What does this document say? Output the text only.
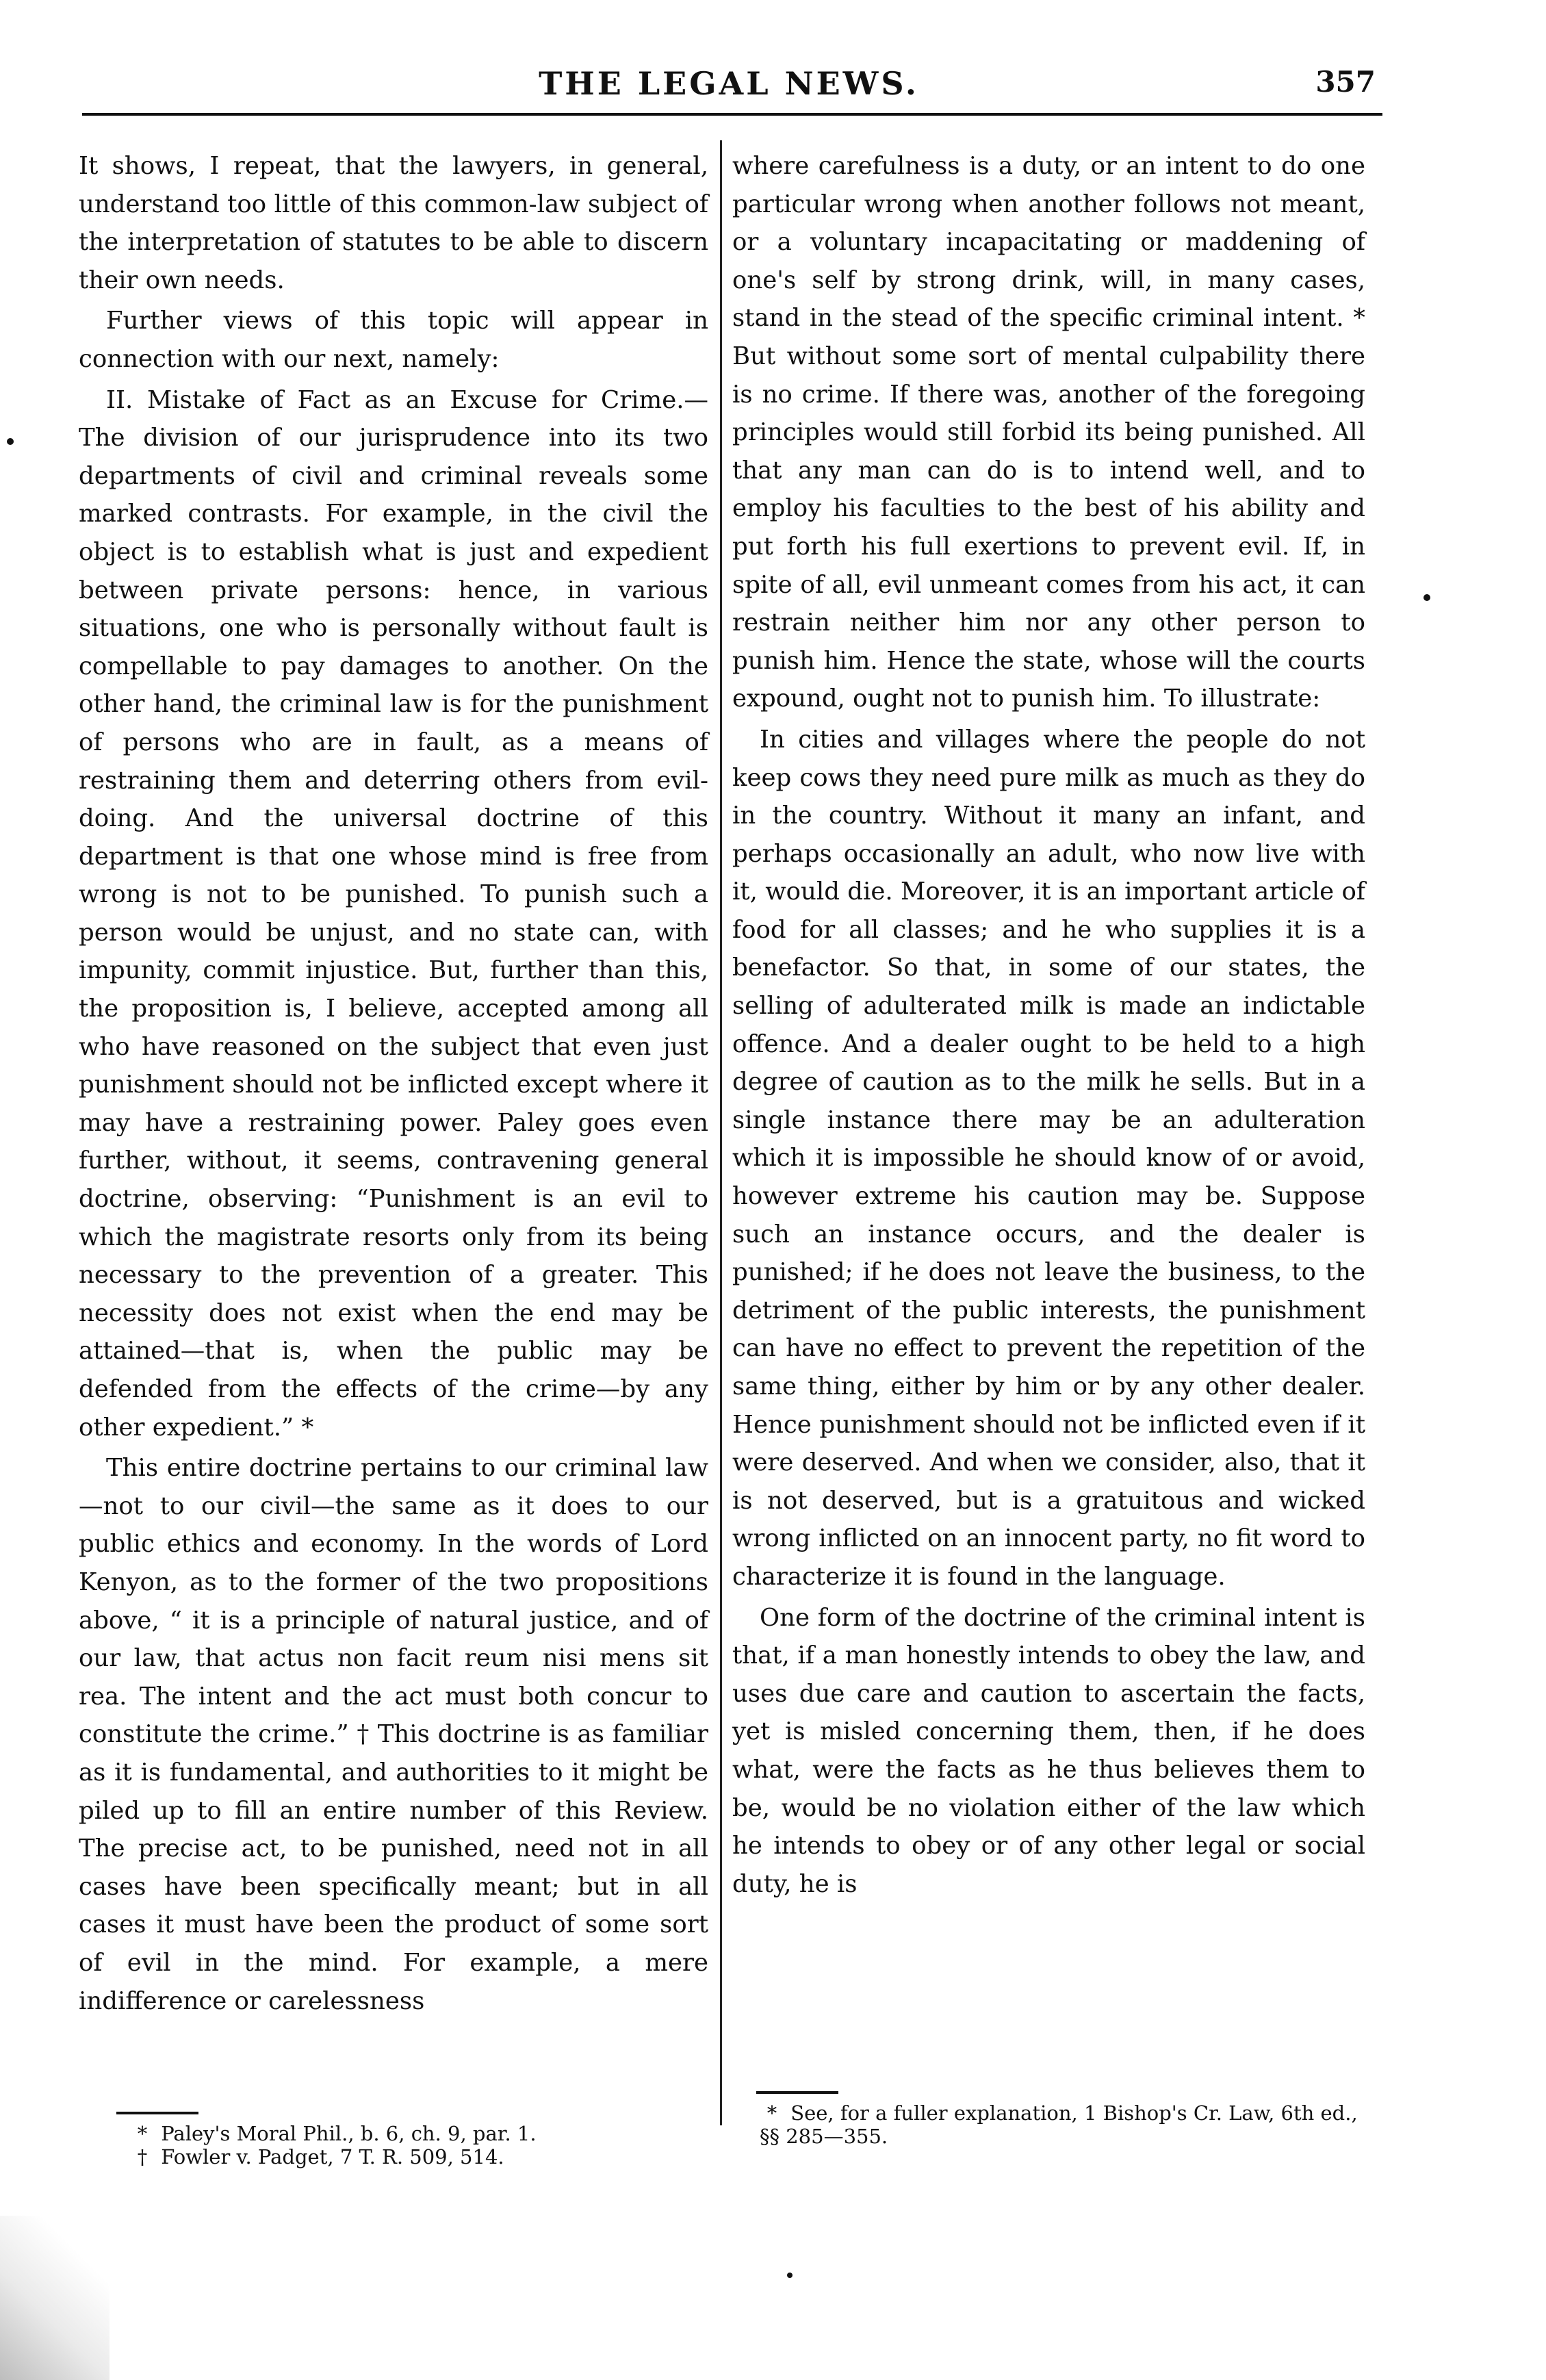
THE LEGAL NEWS.	357

It shows, I repeat, that the lawyers, in general, understand too little of this common-law subject of the interpretation of statutes to be able to discern their own needs.

Further views of this topic will appear in connection with our next, namely:

II. Mistake of Fact as an Excuse for Crime.— The division of our jurisprudence into its two departments of civil and criminal reveals some marked contrasts. For example, in the civil the object is to establish what is just and expedient between private persons: hence, in various situations, one who is personally without fault is compellable to pay damages to another. On the other hand, the criminal law is for the punishment of persons who are in fault, as a means of restraining them and deterring others from evil-doing. And the universal doctrine of this department is that one whose mind is free from wrong is not to be punished. To punish such a person would be unjust, and no state can, with impunity, commit injustice. But, further than this, the proposition is, I believe, accepted among all who have reasoned on the subject that even just punishment should not be inflicted except where it may have a restraining power. Paley goes even further, without, it seems, contravening general doctrine, observing: “Punishment is an evil to which the magistrate resorts only from its being necessary to the prevention of a greater. This necessity does not exist when the end may be attained—that is, when the public may be defended from the effects of the crime—by any other expedient.” *

This entire doctrine pertains to our criminal law—not to our civil—the same as it does to our public ethics and economy. In the words of Lord Kenyon, as to the former of the two propositions above, “ it is a principle of natural justice, and of our law, that actus non facit reum nisi mens sit rea. The intent and the act must both concur to constitute the crime.” † This doctrine is as familiar as it is fundamental, and authorities to it might be piled up to fill an entire number of this Review. The precise act, to be punished, need not in all cases have been specifically meant; but in all cases it must have been the product of some sort of evil in the mind. For example, a mere indifference or carelessness

where carefulness is a duty, or an intent to do one particular wrong when another follows not meant, or a voluntary incapacitating or maddening of one's self by strong drink, will, in many cases, stand in the stead of the specific criminal intent. * But without some sort of mental culpability there is no crime. If there was, another of the foregoing principles would still forbid its being punished. All that any man can do is to intend well, and to employ his faculties to the best of his ability and put forth his full exertions to prevent evil. If, in spite of all, evil unmeant comes from his act, it can restrain neither him nor any other person to punish him. Hence the state, whose will the courts expound, ought not to punish him. To illustrate:

In cities and villages where the people do not keep cows they need pure milk as much as they do in the country. Without it many an infant, and perhaps occasionally an adult, who now live with it, would die. Moreover, it is an important article of food for all classes; and he who supplies it is a benefactor. So that, in some of our states, the selling of adulterated milk is made an indictable offence. And a dealer ought to be held to a high degree of caution as to the milk he sells. But in a single instance there may be an adulteration which it is impossible he should know of or avoid, however extreme his caution may be. Suppose such an instance occurs, and the dealer is punished; if he does not leave the business, to the detriment of the public interests, the punishment can have no effect to prevent the repetition of the same thing, either by him or by any other dealer. Hence punishment should not be inflicted even if it were deserved. And when we consider, also, that it is not deserved, but is a gratuitous and wicked wrong inflicted on an innocent party, no fit word to characterize it is found in the language.

One form of the doctrine of the criminal intent is that, if a man honestly intends to obey the law, and uses due care and caution to ascertain the facts, yet is misled concerning them, then, if he does what, were the facts as he thus believes them to be, would be no violation either of the law which he intends to obey or of any other legal or social duty, he is

* Paley's Moral Phil., b. 6, ch. 9, par. 1.
† Fowler v. Padget, 7 T. R. 509, 514.
* See, for a fuller explanation, 1 Bishop's Cr. Law, 6th ed., §§ 285—355.
